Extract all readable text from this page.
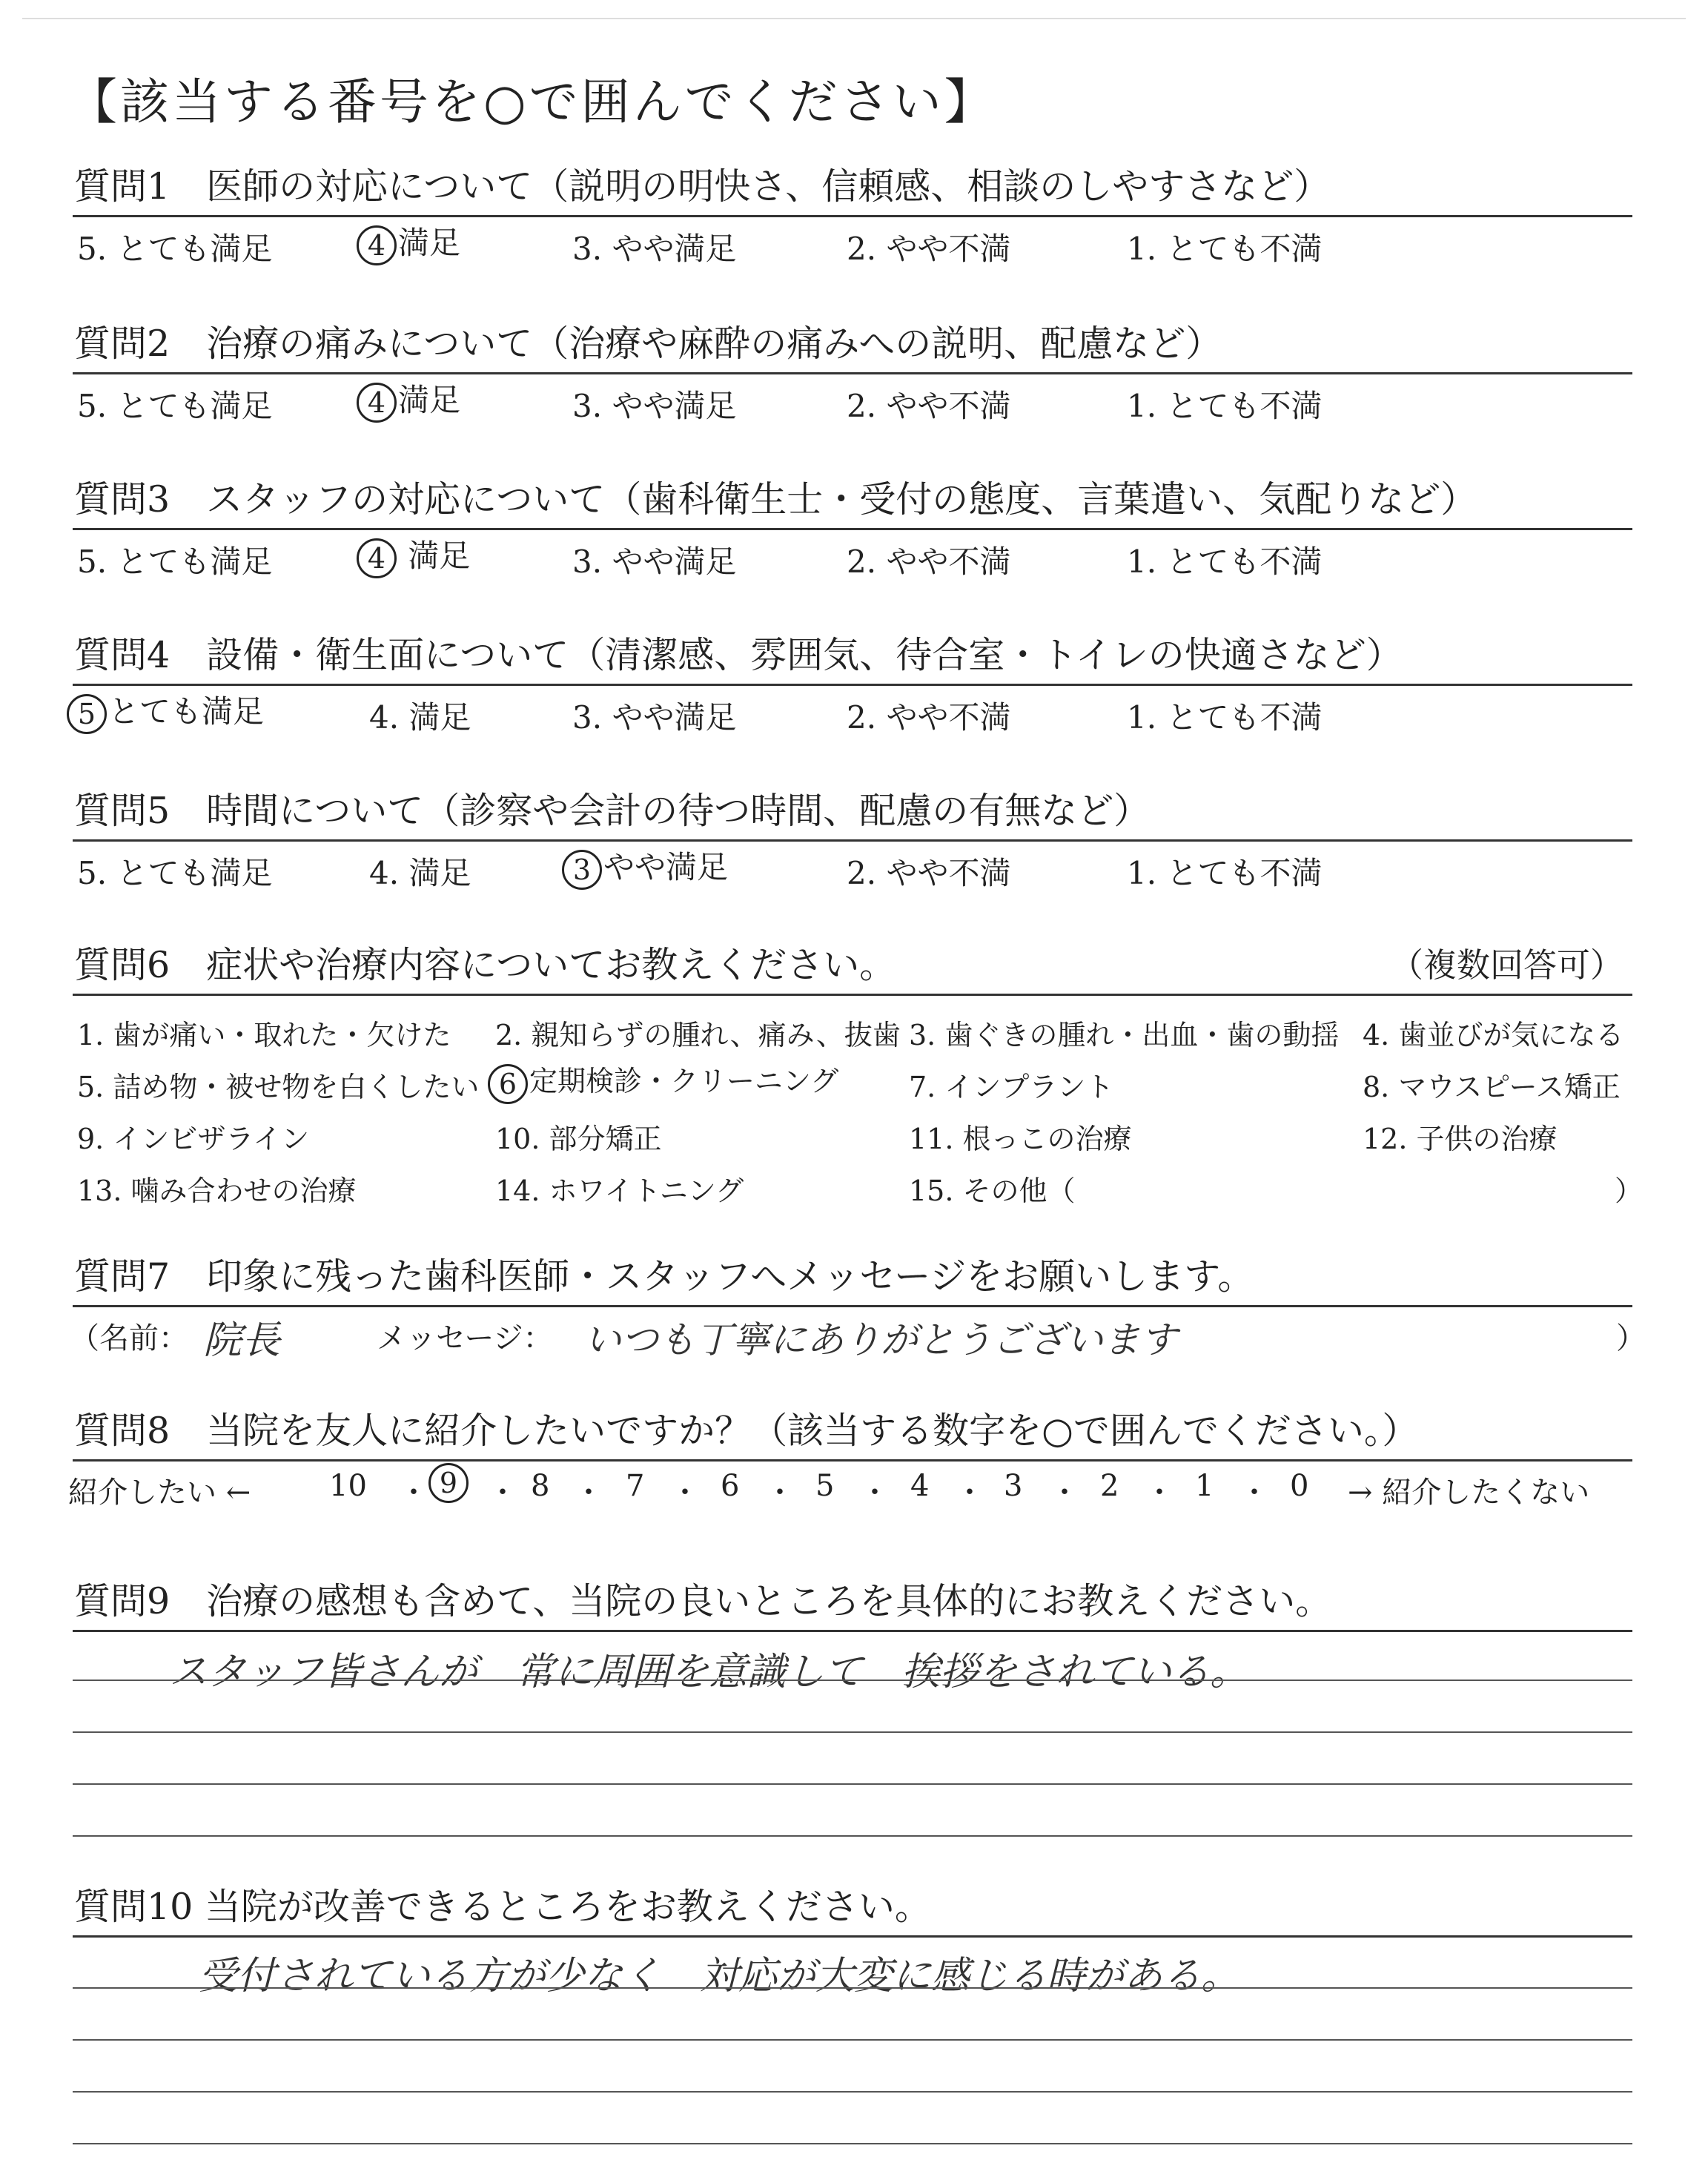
【該当する番号を○で囲んでください】
質問1　医師の対応について（説明の明快さ、信頼感、相談のしやすさなど）
5. とても満足	4 満足	3. やや満足	2. やや不満	1. とても不満
質問2　治療の痛みについて（治療や麻酔の痛みへの説明、配慮など）
5. とても満足	4 満足	3. やや満足	2. やや不満	1. とても不満
質問3　スタッフの対応について（歯科衛生士・受付の態度、言葉遣い、気配りなど）
5. とても満足	4 満足	3. やや満足	2. やや不満	1. とても不満
質問4　設備・衛生面について（清潔感、雰囲気、待合室・トイレの快適さなど）
5 とても満足	4. 満足	3. やや満足	2. やや不満	1. とても不満
質問5　時間について（診察や会計の待つ時間、配慮の有無など）
5. とても満足	4. 満足	3 やや満足	2. やや不満	1. とても不満
質問6　症状や治療内容についてお教えください。	（複数回答可）
1. 歯が痛い・取れた・欠けた 2. 親知らずの腫れ、痛み、抜歯 3. 歯ぐきの腫れ・出血・歯の動揺 4. 歯並びが気になる
5. 詰め物・被せ物を白くしたい 6 定期検診・クリーニング 7. インプラント	8. マウスピース矯正
9. インビザライン	10. 部分矯正	11. 根っこの治療	12. 子供の治療
13. 噛み合わせの治療	14. ホワイトニング	15. その他（	）
質問7　印象に残った歯科医師・スタッフへメッセージをお願いします。
（名前： 院長	メッセージ： いつも丁寧にありがとうございます	）
質問8　当院を友人に紹介したいですか？（該当する数字を○で囲んでください。）
紹介したい ←	10 ・ 9	・ 8 ・ 7 ・ 6 ・ 5 ・ 4 ・ 3 ・ 2 ・ 1 ・ 0 → 紹介したくない
質問9　治療の感想も含めて、当院の良いところを具体的にお教えください。
スタッフ皆さんが　常に周囲を意識して　挨拶をされている。
質問10 当院が改善できるところをお教えください。
受付されている方が少なく　対応が大変に感じる時がある。
